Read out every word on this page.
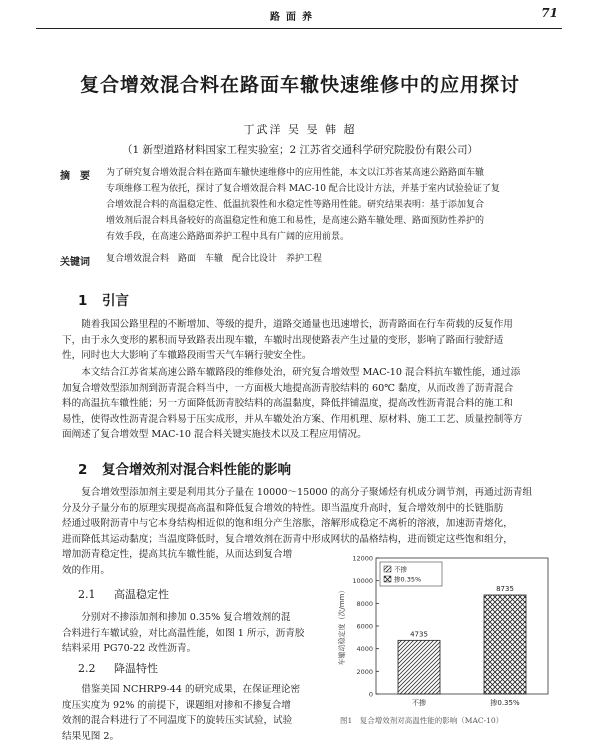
路面养	71
复合增效混合料在路面车辙快速维修中的应用探讨
丁武洋 吴 旻 韩 超
（1 新型道路材料国家工程实验室；2 江苏省交通科学研究院股份有限公司）
摘　要 为了研究复合增效混合料在路面车辙快速维修中的应用性能，本文以江苏省某高速公路路面车辙
专项维修工程为依托，探讨了复合增效混合料 MAC-10 配合比设计方法，并基于室内试验验证了复
合增效混合料的高温稳定性、低温抗裂性和水稳定性等路用性能。研究结果表明：基于添加复合
增效剂后混合料具备较好的高温稳定性和施工和易性，是高速公路车辙处理、路面预防性养护的
有效手段，在高速公路路面养护工程中具有广阔的应用前景。
关键词 复合增效混合料　路面　车辙　配合比设计　养护工程
1 引言
随着我国公路里程的不断增加、等级的提升，道路交通量也迅速增长，沥青路面在行车荷载的反复作用
下，由于永久变形的累积而导致路表出现车辙，车辙时出现使路表产生过量的变形，影响了路面行驶舒适
性，同时也大大影响了车辙路段雨雪天气车辆行驶安全性。
本文结合江苏省某高速公路车辙路段的维修处治，研究复合增效型 MAC-10 混合料抗车辙性能，通过添
加复合增效型添加剂到沥青混合料当中，一方面极大地提高沥青胶结料的 60℃ 黏度，从而改善了沥青混合
料的高温抗车辙性能；另一方面降低沥青胶结料的高温黏度，降低拌铺温度，提高改性沥青混合料的施工和
易性，使得改性沥青混合料易于压实成形，并从车辙处治方案、作用机理、原材料、施工工艺、质量控制等方
面阐述了复合增效型 MAC-10 混合料关键实施技术以及工程应用情况。
2 复合增效剂对混合料性能的影响
复合增效型添加剂主要是利用其分子量在 10000～15000 的高分子聚烯烃有机成分调节剂，再通过沥青组
分及分子量分布的原理实现提高高温和降低复合增效的特性。即当温度升高时，复合增效剂中的长链脂肪
烃通过吸附沥青中与它本身结构相近似的饱和组分产生溶胀，溶解形成稳定不离析的溶液，加速沥青熔化，
进而降低其运动黏度；当温度降低时，复合增效剂在沥青中形成网状的晶格结构，进而锁定这些饱和组分，
增加沥青稳定性，提高其抗车辙性能，从而达到复合增
效的作用。
2.1 高温稳定性
分别对不掺添加剂和掺加 0.35% 复合增效剂的混
合料进行车辙试验，对比高温性能，如图 1 所示，沥青胶
结料采用 PG70-22 改性沥青。
2.2 降温特性
借鉴美国 NCHRP9-44 的研究成果，在保证理论密
度压实度为 92% 的前提下，课题组对掺和不掺复合增
效剂的混合料进行了不同温度下的旋转压实试验，试验
结果见图 2。
0
2000
4000
6000
8000
10000
12000
车辙动稳定度（次/mm）	4735
不掺
8735
掺0.35%
不掺
掺0.35%
图1　复合增效剂对高温性能的影响（MAC-10）
